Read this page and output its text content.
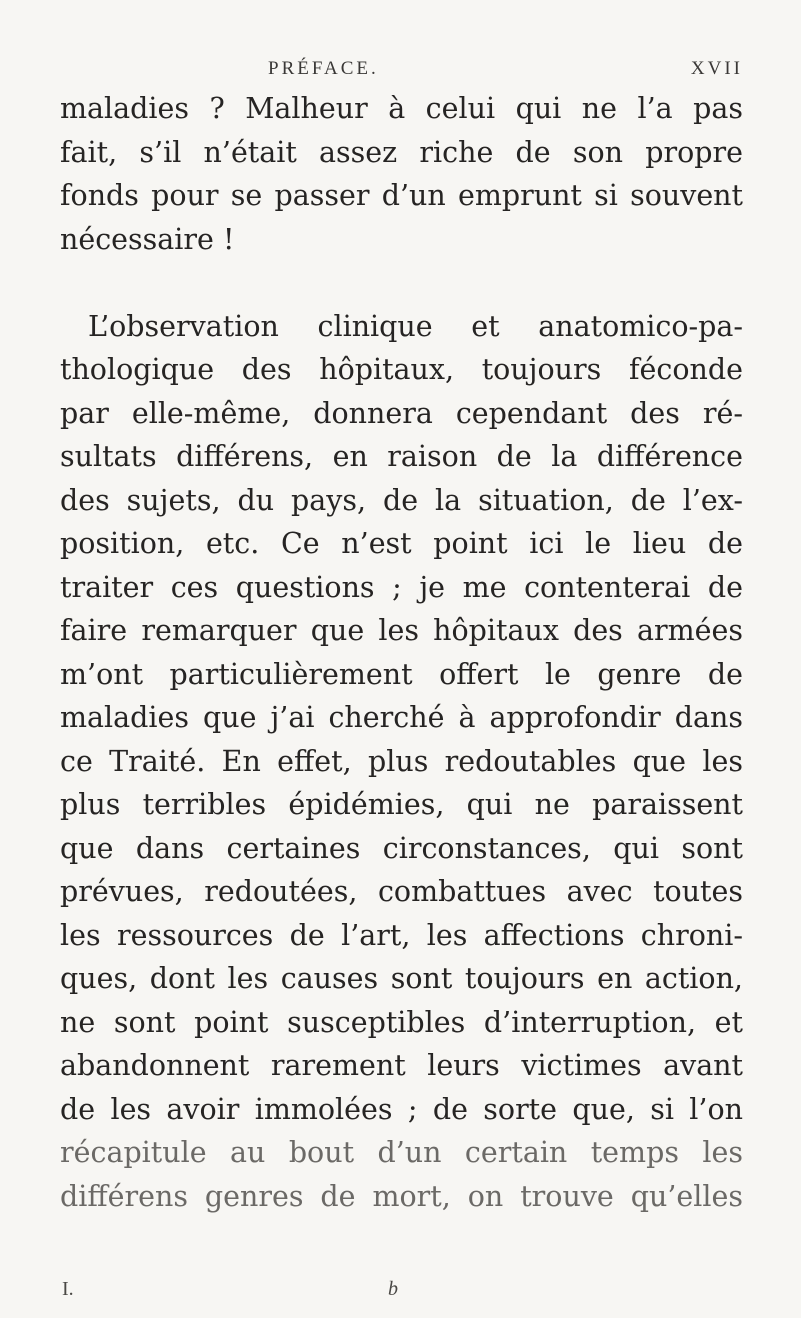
PRÉFACE.	XVII
maladies ? Malheur à celui qui ne l’a pas
fait, s’il n’était assez riche de son propre
fonds pour se passer d’un emprunt si souvent
nécessaire !
L’observation clinique et anatomico-pa-
thologique des hôpitaux, toujours féconde
par elle-même, donnera cependant des ré-
sultats différens, en raison de la différence
des sujets, du pays, de la situation, de l’ex-
position, etc. Ce n’est point ici le lieu de
traiter ces questions ; je me contenterai de
faire remarquer que les hôpitaux des armées
m’ont particulièrement offert le genre de
maladies que j’ai cherché à approfondir dans
ce Traité. En effet, plus redoutables que les
plus terribles épidémies, qui ne paraissent
que dans certaines circonstances, qui sont
prévues, redoutées, combattues avec toutes
les ressources de l’art, les affections chroni-
ques, dont les causes sont toujours en action,
ne sont point susceptibles d’interruption, et
abandonnent rarement leurs victimes avant
de les avoir immolées ; de sorte que, si l’on
récapitule au bout d’un certain temps les
différens genres de mort, on trouve qu’elles
I.	b
